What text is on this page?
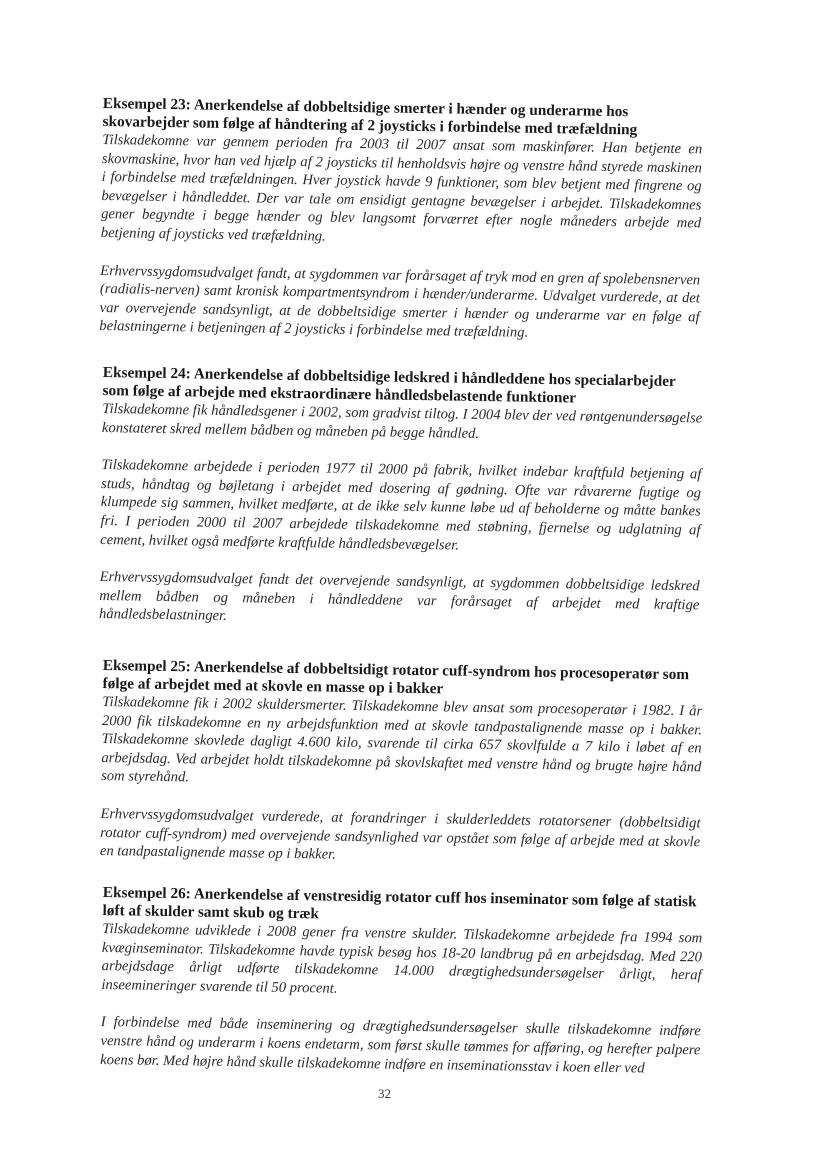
Eksempel 23: Anerkendelse af dobbeltsidige smerter i hænder og underarme hos skovarbejder som følge af håndtering af 2 joysticks i forbindelse med træfældning

Tilskadekomne var gennem perioden fra 2003 til 2007 ansat som maskinfører. Han betjente en skovmaskine, hvor han ved hjælp af 2 joysticks til henholdsvis højre og venstre hånd styrede maskinen i forbindelse med træfældningen. Hver joystick havde 9 funktioner, som blev betjent med fingrene og bevægelser i håndleddet. Der var tale om ensidigt gentagne bevægelser i arbejdet. Tilskadekomnes gener begyndte i begge hænder og blev langsomt forværret efter nogle måneders arbejde med betjening af joysticks ved træfældning.

Erhvervssygdomsudvalget fandt, at sygdommen var forårsaget af tryk mod en gren af spolebensnerven (radialis-nerven) samt kronisk kompartmentsyndrom i hænder/underarme. Udvalget vurderede, at det var overvejende sandsynligt, at de dobbeltsidige smerter i hænder og underarme var en følge af belastningerne i betjeningen af 2 joysticks i forbindelse med træfældning.

Eksempel 24: Anerkendelse af dobbeltsidige ledskred i håndleddene hos specialarbejder som følge af arbejde med ekstraordinære håndledsbelastende funktioner

Tilskadekomne fik håndledsgener i 2002, som gradvist tiltog. I 2004 blev der ved røntgenundersøgelse konstateret skred mellem bådben og måneben på begge håndled.

Tilskadekomne arbejdede i perioden 1977 til 2000 på fabrik, hvilket indebar kraftfuld betjening af studs, håndtag og bøjletang i arbejdet med dosering af gødning. Ofte var råvarerne fugtige og klumpede sig sammen, hvilket medførte, at de ikke selv kunne løbe ud af beholderne og måtte bankes fri. I perioden 2000 til 2007 arbejdede tilskadekomne med støbning, fjernelse og udglatning af cement, hvilket også medførte kraftfulde håndledsbevægelser.

Erhvervssygdomsudvalget fandt det overvejende sandsynligt, at sygdommen dobbeltsidige ledskred mellem bådben og måneben i håndleddene var forårsaget af arbejdet med kraftige håndledsbelastninger.

Eksempel 25: Anerkendelse af dobbeltsidigt rotator cuff-syndrom hos procesoperatør som følge af arbejdet med at skovle en masse op i bakker

Tilskadekomne fik i 2002 skuldersmerter. Tilskadekomne blev ansat som procesoperatør i 1982. I år 2000 fik tilskadekomne en ny arbejdsfunktion med at skovle tandpastalignende masse op i bakker. Tilskadekomne skovlede dagligt 4.600 kilo, svarende til cirka 657 skovlfulde a 7 kilo i løbet af en arbejdsdag. Ved arbejdet holdt tilskadekomne på skovlskaftet med venstre hånd og brugte højre hånd som styrehånd.

Erhvervssygdomsudvalget vurderede, at forandringer i skulderleddets rotatorsener (dobbeltsidigt rotator cuff-syndrom) med overvejende sandsynlighed var opstået som følge af arbejde med at skovle en tandpastalignende masse op i bakker.

Eksempel 26: Anerkendelse af venstresidig rotator cuff hos inseminator som følge af statisk løft af skulder samt skub og træk

Tilskadekomne udviklede i 2008 gener fra venstre skulder. Tilskadekomne arbejdede fra 1994 som kvæginseminator. Tilskadekomne havde typisk besøg hos 18-20 landbrug på en arbejdsdag. Med 220 arbejdsdage årligt udførte tilskadekomne 14.000 drægtighedsundersøgelser årligt, heraf inseemineringer svarende til 50 procent.

I forbindelse med både inseminering og drægtighedsundersøgelser skulle tilskadekomne indføre venstre hånd og underarm i koens endetarm, som først skulle tømmes for afføring, og herefter palpere koens bør. Med højre hånd skulle tilskadekomne indføre en inseminationsstav i koen eller ved

32
